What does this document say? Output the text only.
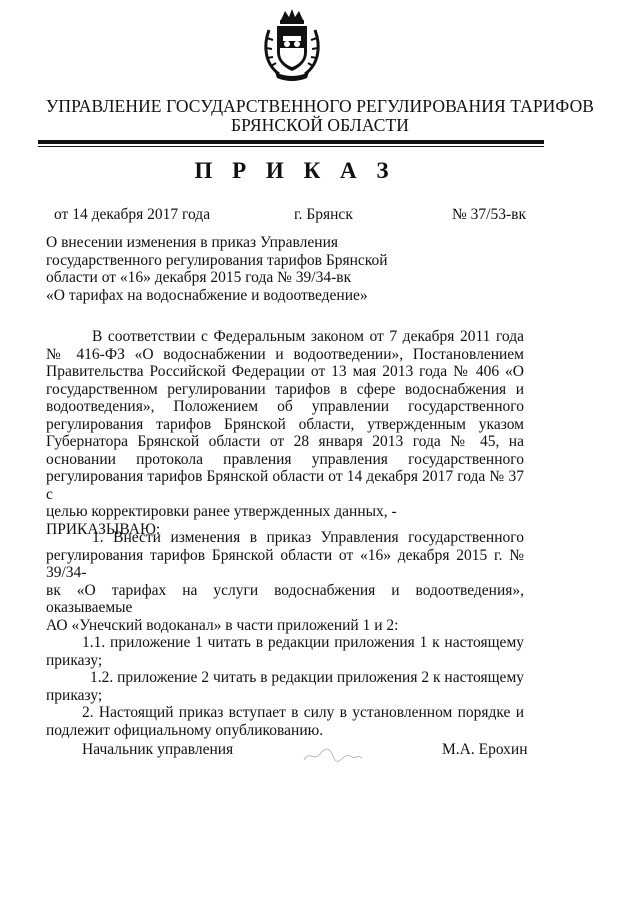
УПРАВЛЕНИЕ ГОСУДАРСТВЕННОГО РЕГУЛИРОВАНИЯ ТАРИФОВ
БРЯНСКОЙ ОБЛАСТИ
П Р И К А З
от 14 декабря 2017 года	г. Брянск	№ 37/53-вк
О внесении изменения в приказ Управления
государственного регулирования тарифов Брянской
области от «16» декабря 2015 года № 39/34-вк
«О тарифах на водоснабжение и водоотведение»
В соответствии с Федеральным законом от 7 декабря 2011 года
№ 416-ФЗ «О водоснабжении и водоотведении», Постановлением
Правительства Российской Федерации от 13 мая 2013 года № 406 «О
государственном регулировании тарифов в сфере водоснабжения и
водоотведения», Положением об управлении государственного
регулирования тарифов Брянской области, утвержденным указом
Губернатора Брянской области от 28 января 2013 года № 45, на
основании протокола правления управления государственного
регулирования тарифов Брянской области от 14 декабря 2017 года № 37 с
целью корректировки ранее утвержденных данных, -
ПРИКАЗЫВАЮ:
1. Внести изменения в приказ Управления государственного
регулирования тарифов Брянской области от «16» декабря 2015 г. № 39/34-
вк «О тарифах на услуги водоснабжения и водоотведения», оказываемые
АО «Унечский водоканал» в части приложений 1 и 2:
1.1. приложение 1 читать в редакции приложения 1 к настоящему
приказу;
1.2. приложение 2 читать в редакции приложения 2 к настоящему
приказу;
2. Настоящий приказ вступает в силу в установленном порядке и
подлежит официальному опубликованию.
Начальник управления	М.А. Ерохин
